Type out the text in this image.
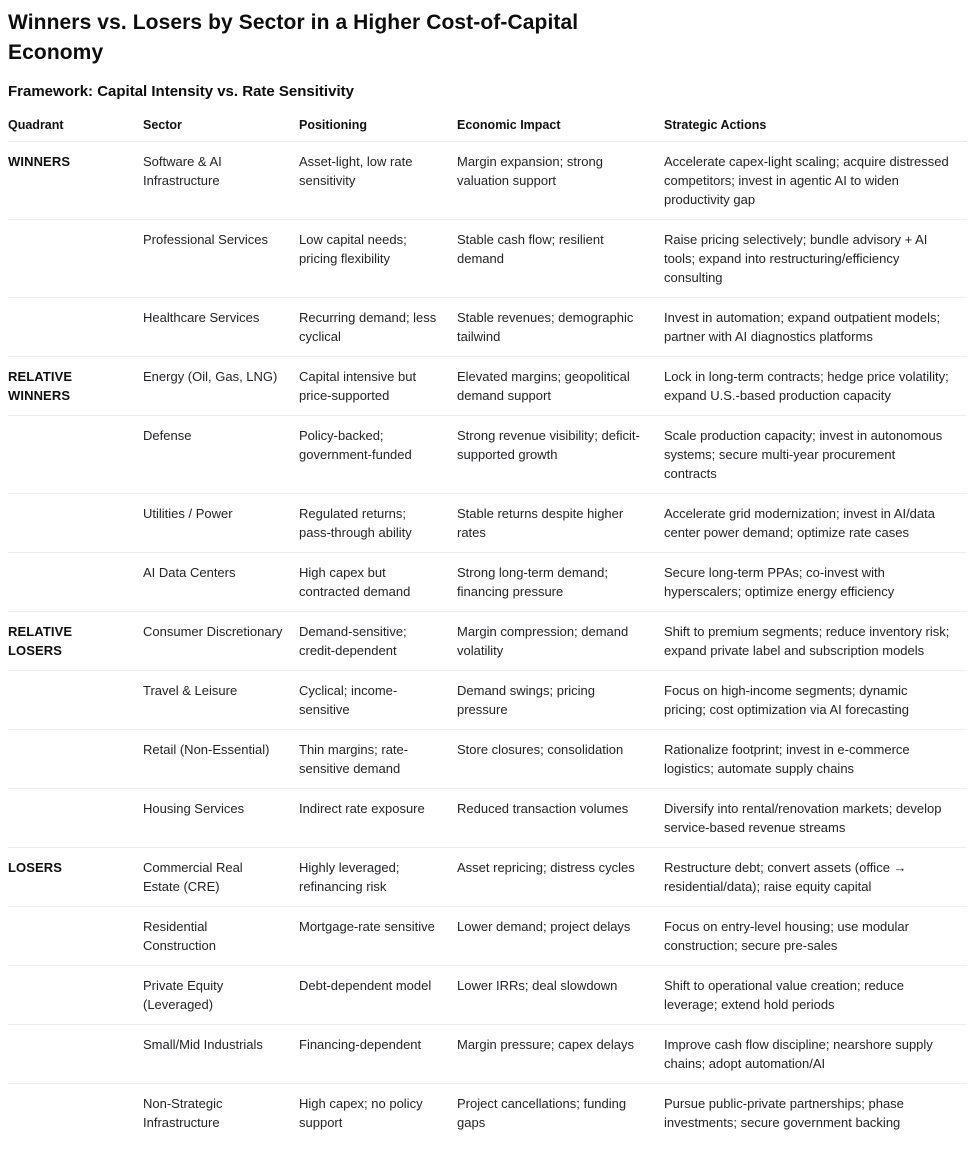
Winners vs. Losers by Sector in a Higher Cost-of-Capital Economy
Framework: Capital Intensity vs. Rate Sensitivity
Quadrant	Sector	Positioning	Economic Impact	Strategic Actions
WINNERS	Software & AI Infrastructure	Asset-light, low rate sensitivity	Margin expansion; strong valuation support	Accelerate capex-light scaling; acquire distressed competitors; invest in agentic AI to widen productivity gap
	Professional Services	Low capital needs; pricing flexibility	Stable cash flow; resilient demand	Raise pricing selectively; bundle advisory + AI tools; expand into restructuring/efficiency consulting
	Healthcare Services	Recurring demand; less cyclical	Stable revenues; demographic tailwind	Invest in automation; expand outpatient models; partner with AI diagnostics platforms
RELATIVE WINNERS	Energy (Oil, Gas, LNG)	Capital intensive but price-supported	Elevated margins; geopolitical demand support	Lock in long-term contracts; hedge price volatility; expand U.S.-based production capacity
	Defense	Policy-backed; government-funded	Strong revenue visibility; deficit-supported growth	Scale production capacity; invest in autonomous systems; secure multi-year procurement contracts
	Utilities / Power	Regulated returns; pass-through ability	Stable returns despite higher rates	Accelerate grid modernization; invest in AI/data center power demand; optimize rate cases
	AI Data Centers	High capex but contracted demand	Strong long-term demand; financing pressure	Secure long-term PPAs; co-invest with hyperscalers; optimize energy efficiency
RELATIVE LOSERS	Consumer Discretionary	Demand-sensitive; credit-dependent	Margin compression; demand volatility	Shift to premium segments; reduce inventory risk; expand private label and subscription models
	Travel & Leisure	Cyclical; income-sensitive	Demand swings; pricing pressure	Focus on high-income segments; dynamic pricing; cost optimization via AI forecasting
	Retail (Non-Essential)	Thin margins; rate-sensitive demand	Store closures; consolidation	Rationalize footprint; invest in e-commerce logistics; automate supply chains
	Housing Services	Indirect rate exposure	Reduced transaction volumes	Diversify into rental/renovation markets; develop service-based revenue streams
LOSERS	Commercial Real Estate (CRE)	Highly leveraged; refinancing risk	Asset repricing; distress cycles	Restructure debt; convert assets (office → residential/data); raise equity capital
	Residential Construction	Mortgage-rate sensitive	Lower demand; project delays	Focus on entry-level housing; use modular construction; secure pre-sales
	Private Equity (Leveraged)	Debt-dependent model	Lower IRRs; deal slowdown	Shift to operational value creation; reduce leverage; extend hold periods
	Small/Mid Industrials	Financing-dependent	Margin pressure; capex delays	Improve cash flow discipline; nearshore supply chains; adopt automation/AI
	Non-Strategic Infrastructure	High capex; no policy support	Project cancellations; funding gaps	Pursue public-private partnerships; phase investments; secure government backing
